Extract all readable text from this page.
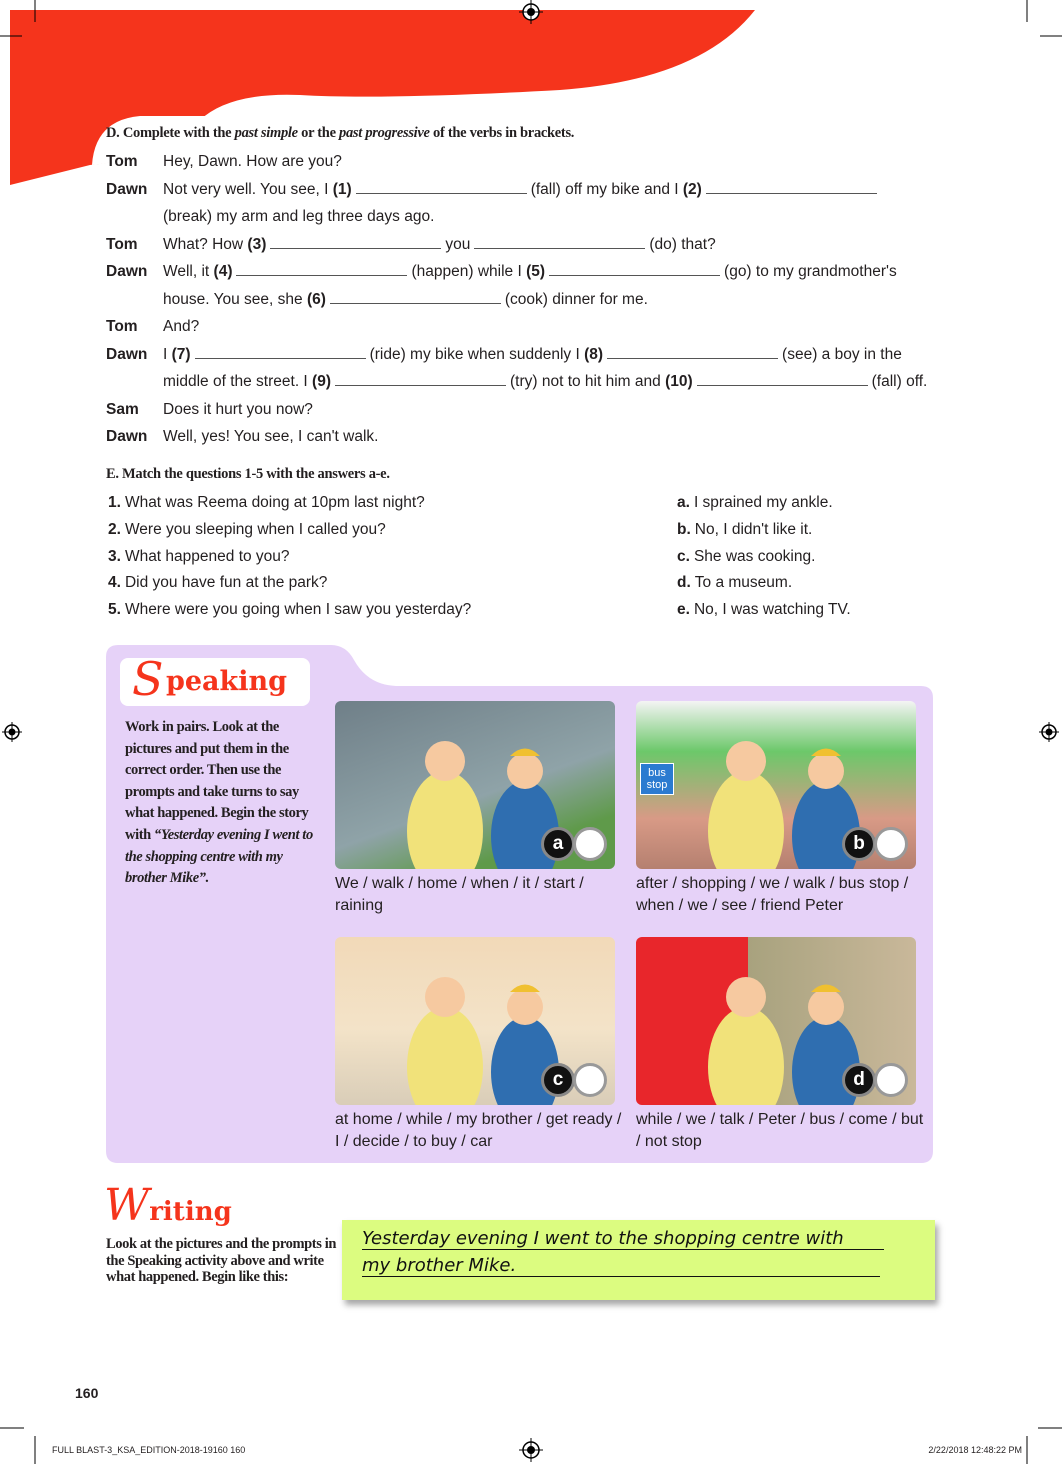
D. Complete with the past simple or the past progressive of the verbs in brackets.
Tom Hey, Dawn. How are you?
Dawn Not very well. You see, I (1)	(fall) off my bike and I (2)
(break) my arm and leg three days ago.
Tom What? How (3)	you	(do) that?
Dawn Well, it (4)	(happen) while I (5)	(go) to my grandmother's
house. You see, she (6)	(cook) dinner for me.
Tom And?
Dawn I (7)	(ride) my bike when suddenly I (8)	(see) a boy in the
middle of the street. I (9)	(try) not to hit him and (10)	(fall) off.
Sam Does it hurt you now?
Dawn Well, yes! You see, I can't walk.
E. Match the questions 1-5 with the answers a-e.
1. What was Reema doing at 10pm last night?
2. Were you sleeping when I called you?
3. What happened to you?
4. Did you have fun at the park?
5. Where were you going when I saw you yesterday?
a. I sprained my ankle.
b. No, I didn't like it.
c. She was cooking.
d. To a museum.
e. No, I was watching TV.
S peaking
Work in pairs. Look at the pictures and put them in the correct order. Then use the prompts and take turns to say what happened. Begin the story with “Yesterday evening I went to the shopping centre with my brother Mike”.
a
We / walk / home / when / it / start / raining
bus stop
b
after / shopping / we / walk / bus stop / when / we / see / friend Peter
c
at home / while / my brother / get ready / I / decide / to buy / car
d
while / we / talk / Peter / bus / come / but / not stop
Writing
Look at the pictures and the prompts in the Speaking activity above and write what happened. Begin like this:
Yesterday evening I went to the shopping centre with
my brother Mike.
160
FULL BLAST-3_KSA_EDITION-2018-19160 160	2/22/2018 12:48:22 PM
